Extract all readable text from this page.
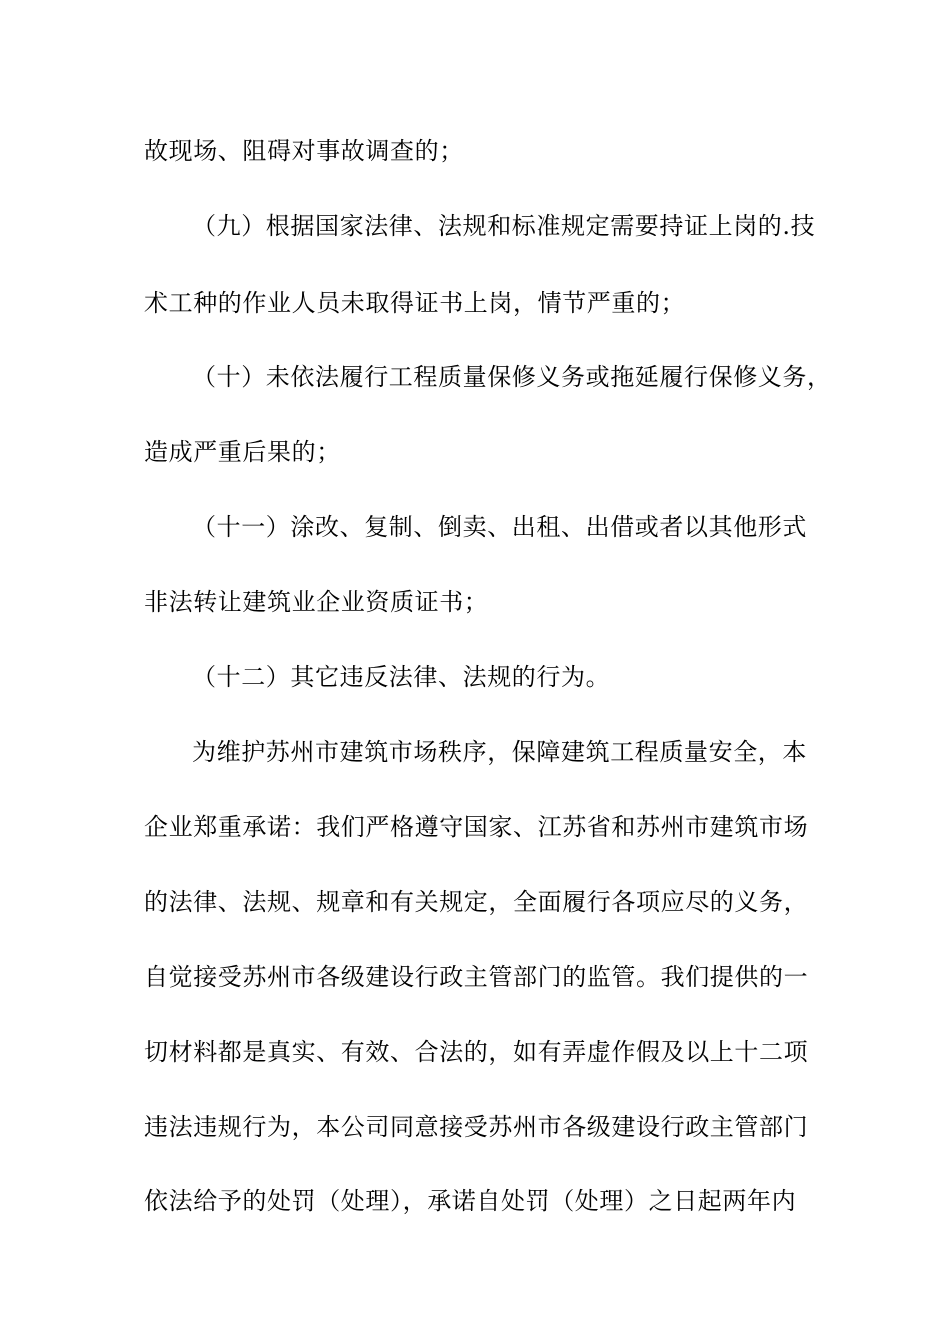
故现场、阻碍对事故调查的；
（九）根据国家法律、法规和标准规定需要持证上岗的.技
术工种的作业人员未取得证书上岗，情节严重的；
（十）未依法履行工程质量保修义务或拖延履行保修义务，
造成严重后果的；
（十一）涂改、复制、倒卖、出租、出借或者以其他形式
非法转让建筑业企业资质证书；
（十二）其它违反法律、法规的行为。
为维护苏州市建筑市场秩序，保障建筑工程质量安全，本
企业郑重承诺：我们严格遵守国家、江苏省和苏州市建筑市场
的法律、法规、规章和有关规定，全面履行各项应尽的义务，
自觉接受苏州市各级建设行政主管部门的监管。我们提供的一
切材料都是真实、有效、合法的，如有弄虚作假及以上十二项
违法违规行为，本公司同意接受苏州市各级建设行政主管部门
依法给予的处罚（处理），承诺自处罚（处理）之日起两年内
